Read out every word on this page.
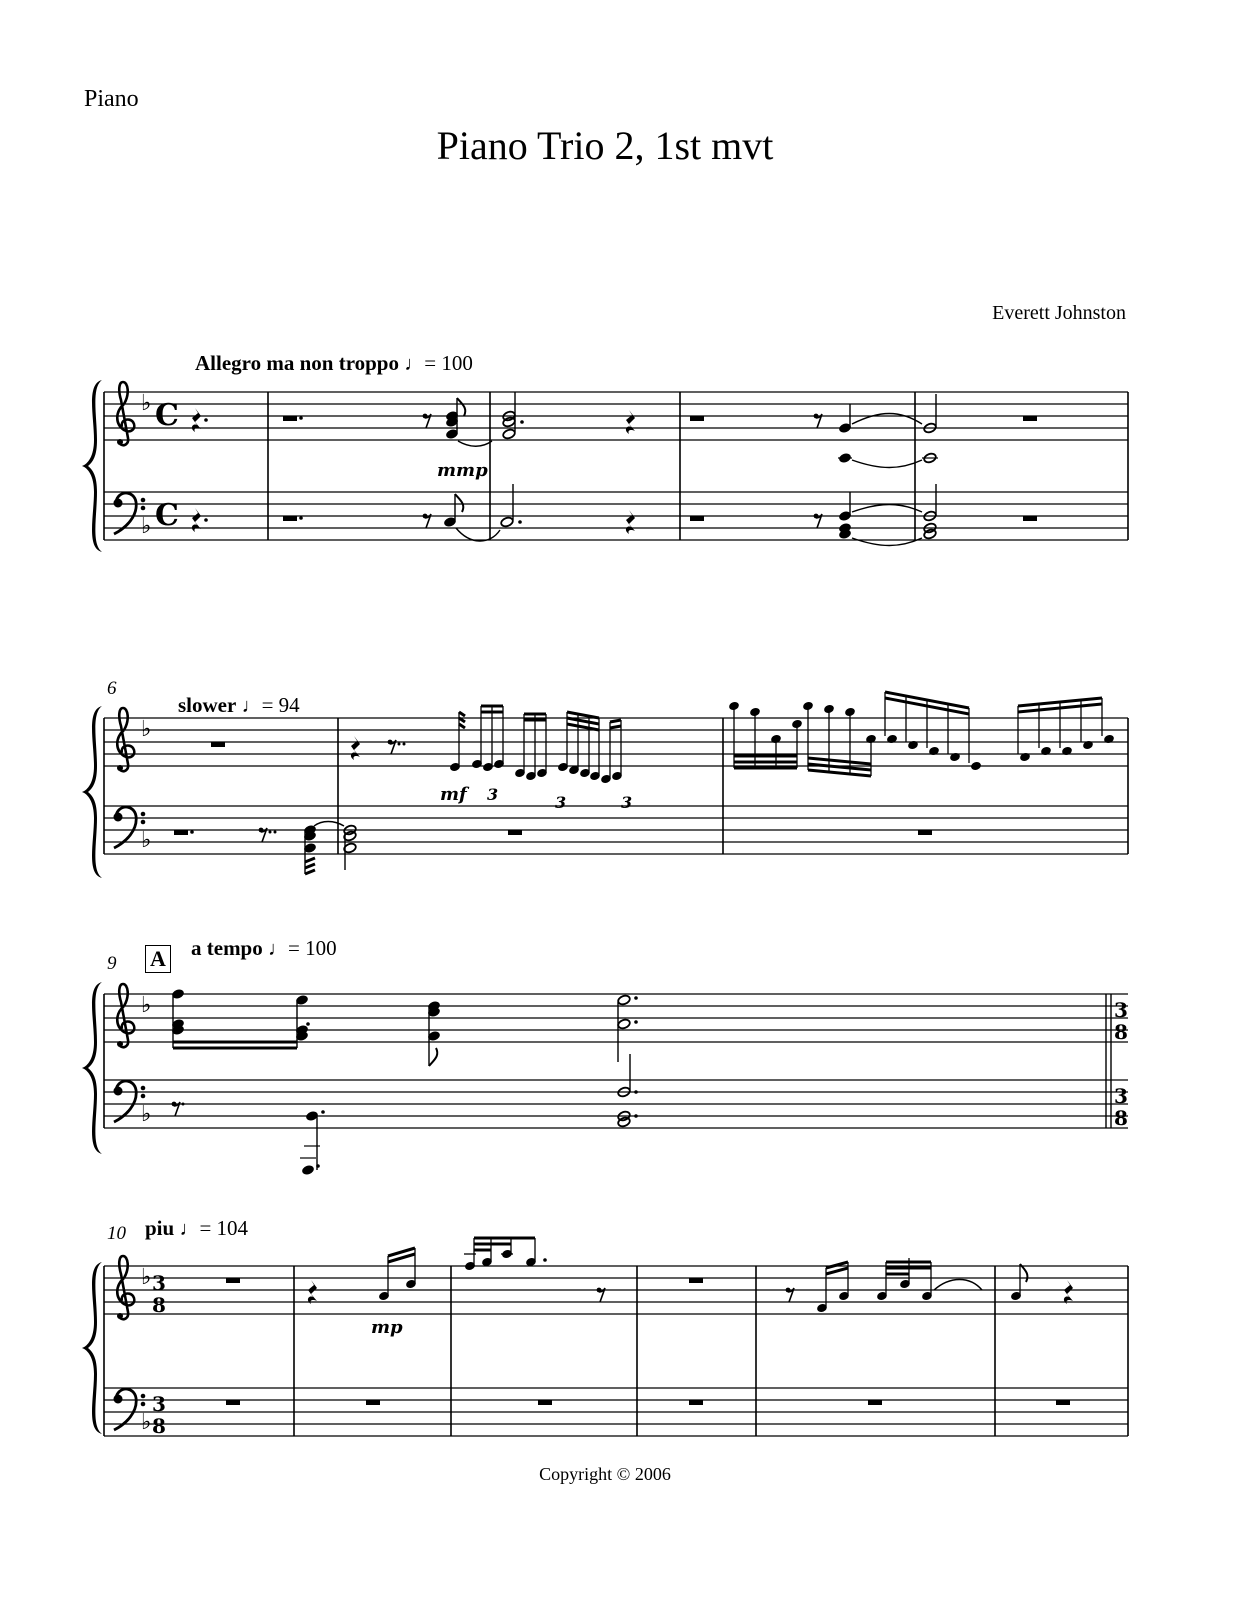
Piano
Piano Trio 2, 1st mvt
Everett Johnston
Allegro ma non troppo ♩= 100
6
slower ♩= 94
9 A a tempo ♩= 100
10 piu ♩= 104
Copyright © 2006
♭
♭
C
C
mmp
♭
♭
mf 3	3	3
♭
♭
3
8
3
8
♭
♭
3
8
3
8
mp
